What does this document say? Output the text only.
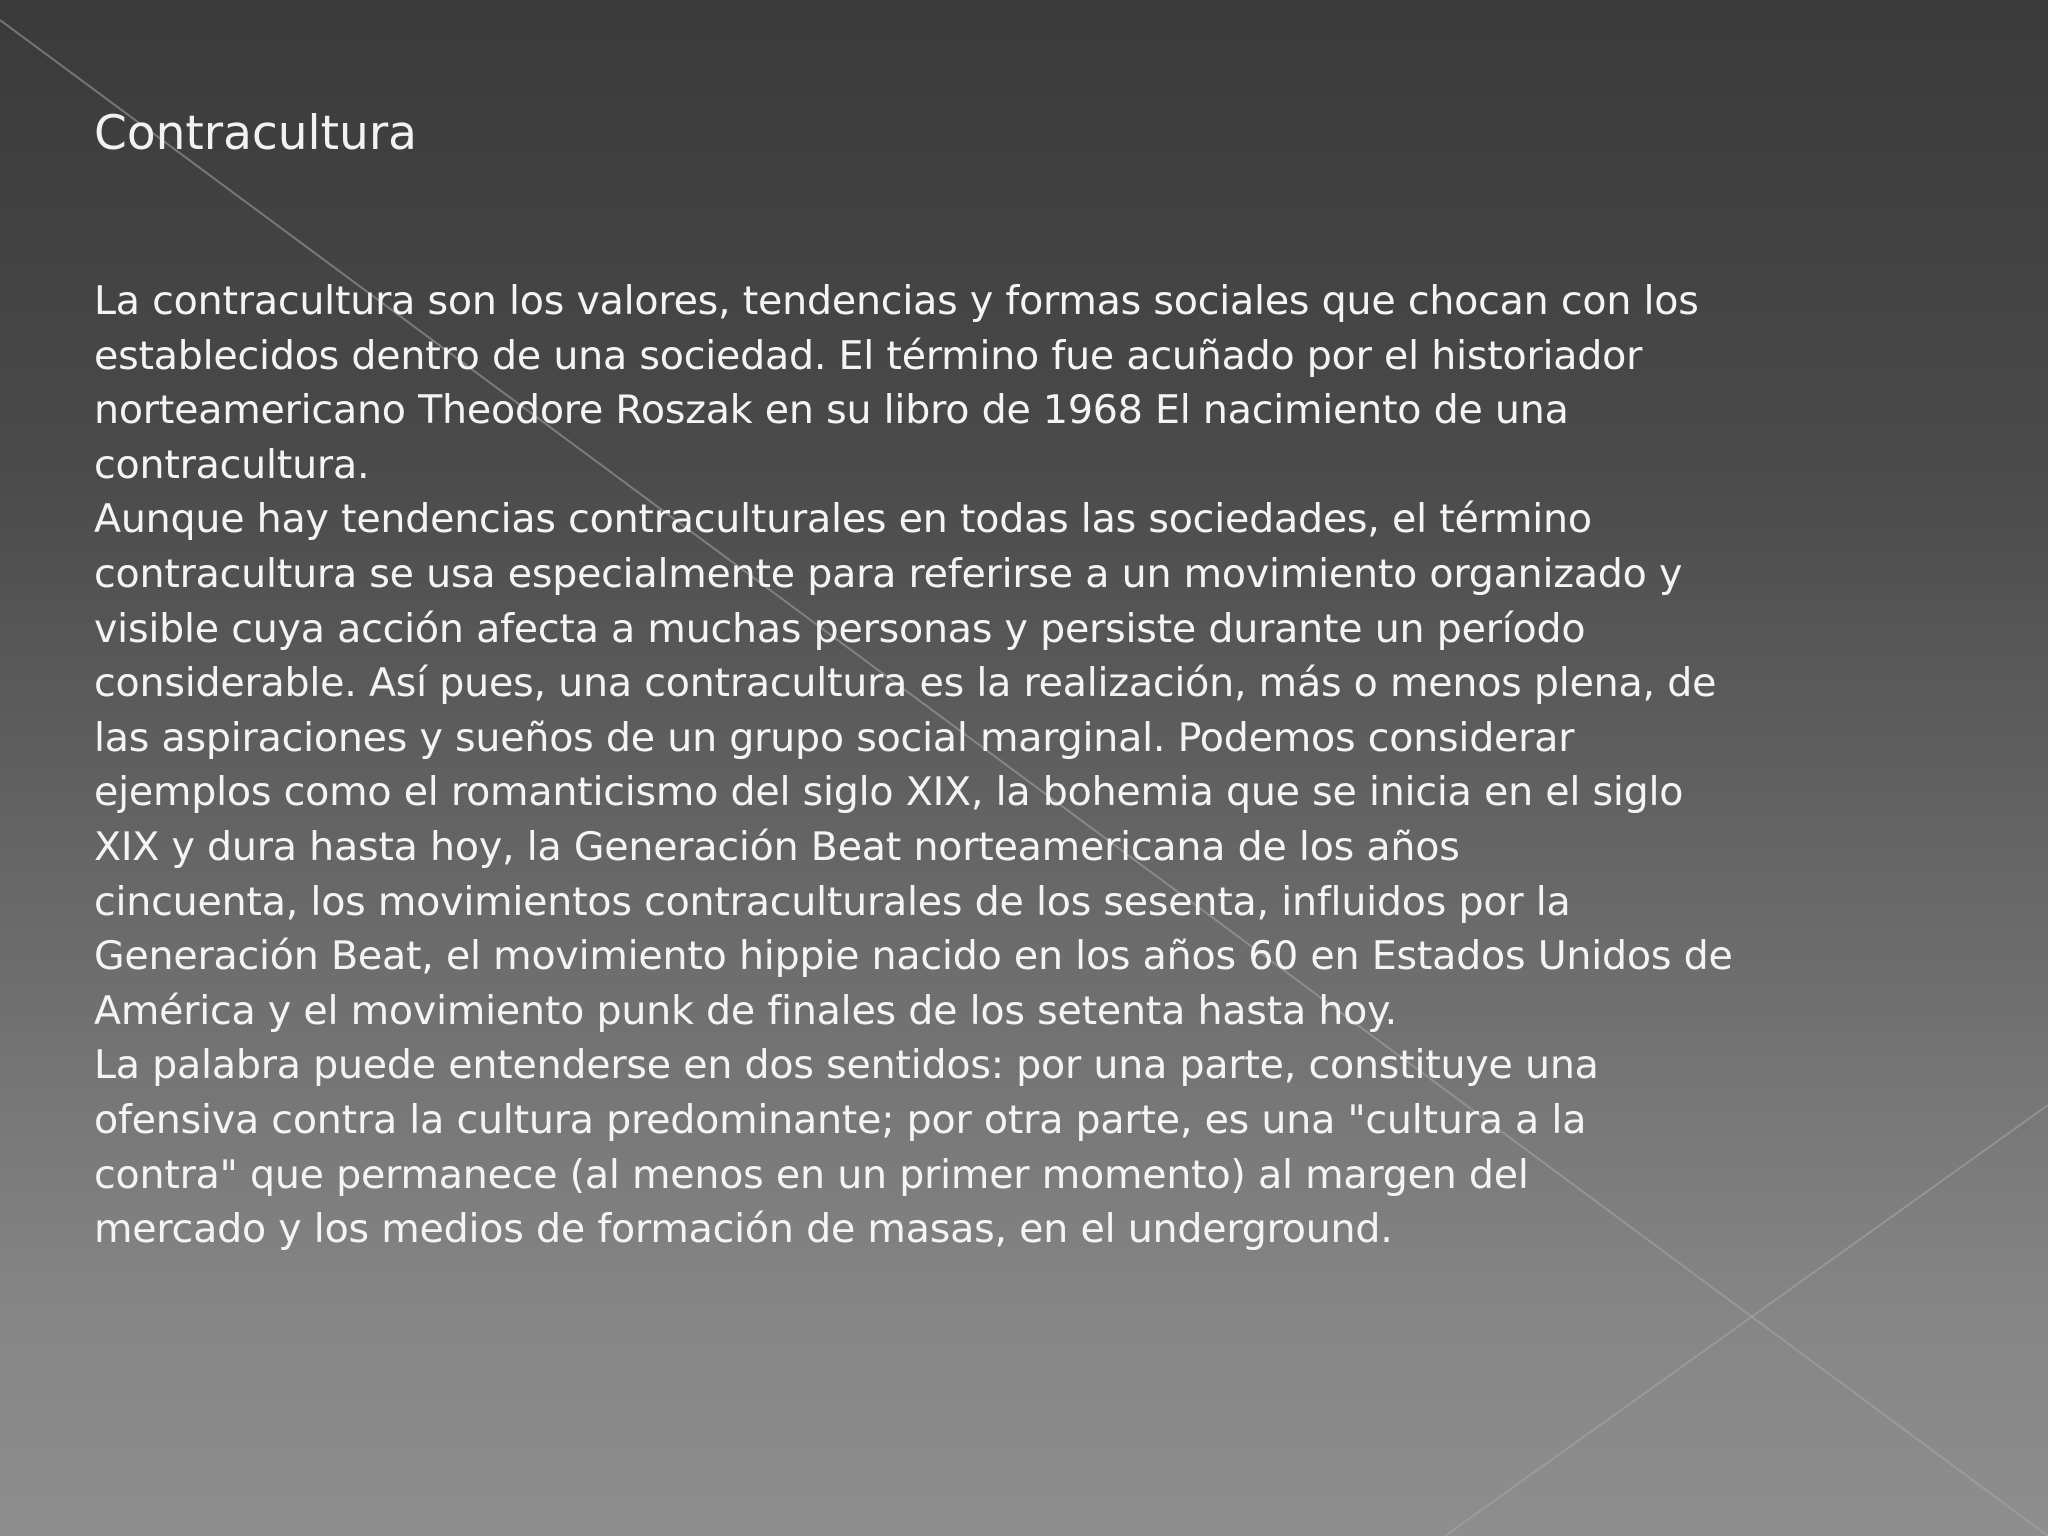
Contracultura

La contracultura son los valores, tendencias y formas sociales que chocan con los
establecidos dentro de una sociedad. El término fue acuñado por el historiador
norteamericano Theodore Roszak en su libro de 1968 El nacimiento de una
contracultura.

Aunque hay tendencias contraculturales en todas las sociedades, el término
contracultura se usa especialmente para referirse a un movimiento organizado y
visible cuya acción afecta a muchas personas y persiste durante un período
considerable. Así pues, una contracultura es la realización, más o menos plena, de
las aspiraciones y sueños de un grupo social marginal. Podemos considerar
ejemplos como el romanticismo del siglo XIX, la bohemia que se inicia en el siglo
XIX y dura hasta hoy, la Generación Beat norteamericana de los años
cincuenta, los movimientos contraculturales de los sesenta, influidos por la
Generación Beat, el movimiento hippie nacido en los años 60 en Estados Unidos de
América y el movimiento punk de finales de los setenta hasta hoy.

La palabra puede entenderse en dos sentidos: por una parte, constituye una
ofensiva contra la cultura predominante; por otra parte, es una "cultura a la
contra" que permanece (al menos en un primer momento) al margen del
mercado y los medios de formación de masas, en el underground.
